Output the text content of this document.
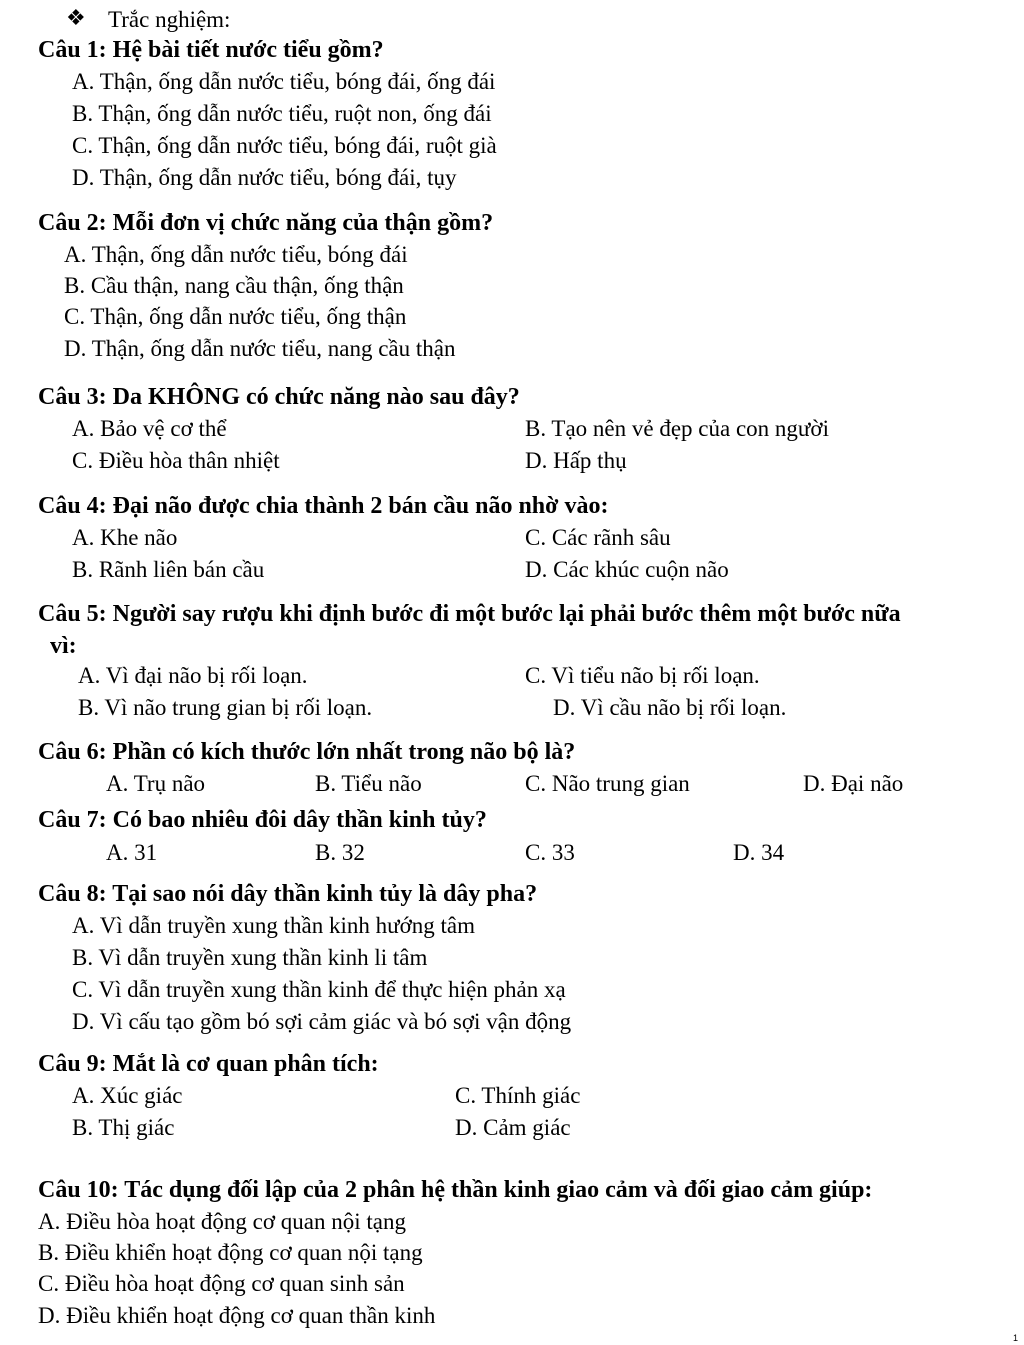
❖ Trắc nghiệm:
Câu 1: Hệ bài tiết nước tiểu gồm?
A. Thận, ống dẫn nước tiểu, bóng đái, ống đái
B. Thận, ống dẫn nước tiểu, ruột non, ống đái
C. Thận, ống dẫn nước tiểu, bóng đái, ruột già
D. Thận, ống dẫn nước tiểu, bóng đái, tụy
Câu 2: Mỗi đơn vị chức năng của thận gồm?
A. Thận, ống dẫn nước tiểu, bóng đái
B. Cầu thận, nang cầu thận, ống thận
C. Thận, ống dẫn nước tiểu, ống thận
D. Thận, ống dẫn nước tiểu, nang cầu thận
Câu 3: Da KHÔNG có chức năng nào sau đây?
A. Bảo vệ cơ thể	B. Tạo nên vẻ đẹp của con người
C. Điều hòa thân nhiệt	D. Hấp thụ
Câu 4: Đại não được chia thành 2 bán cầu não nhờ vào:
A. Khe não	C. Các rãnh sâu
B. Rãnh liên bán cầu	D. Các khúc cuộn não
Câu 5: Người say rượu khi định bước đi một bước lại phải bước thêm một bước nữa
vì:
A. Vì đại não bị rối loạn.	C. Vì tiểu não bị rối loạn.
B. Vì não trung gian bị rối loạn.	D. Vì cầu não bị rối loạn.
Câu 6: Phần có kích thước lớn nhất trong não bộ là?
A. Trụ não	B. Tiểu não	C. Não trung gian	D. Đại não
Câu 7: Có bao nhiêu đôi dây thần kinh tủy?
A. 31	B. 32	C. 33	D. 34
Câu 8: Tại sao nói dây thần kinh tủy là dây pha?
A. Vì dẫn truyền xung thần kinh hướng tâm
B. Vì dẫn truyền xung thần kinh li tâm
C. Vì dẫn truyền xung thần kinh để thực hiện phản xạ
D. Vì cấu tạo gồm bó sợi cảm giác và bó sợi vận động
Câu 9: Mắt là cơ quan phân tích:
A. Xúc giác	C. Thính giác
B. Thị giác	D. Cảm giác
Câu 10: Tác dụng đối lập của 2 phân hệ thần kinh giao cảm và đối giao cảm giúp:
A. Điều hòa hoạt động cơ quan nội tạng
B. Điều khiển hoạt động cơ quan nội tạng
C. Điều hòa hoạt động cơ quan sinh sản
D. Điều khiển hoạt động cơ quan thần kinh
1
